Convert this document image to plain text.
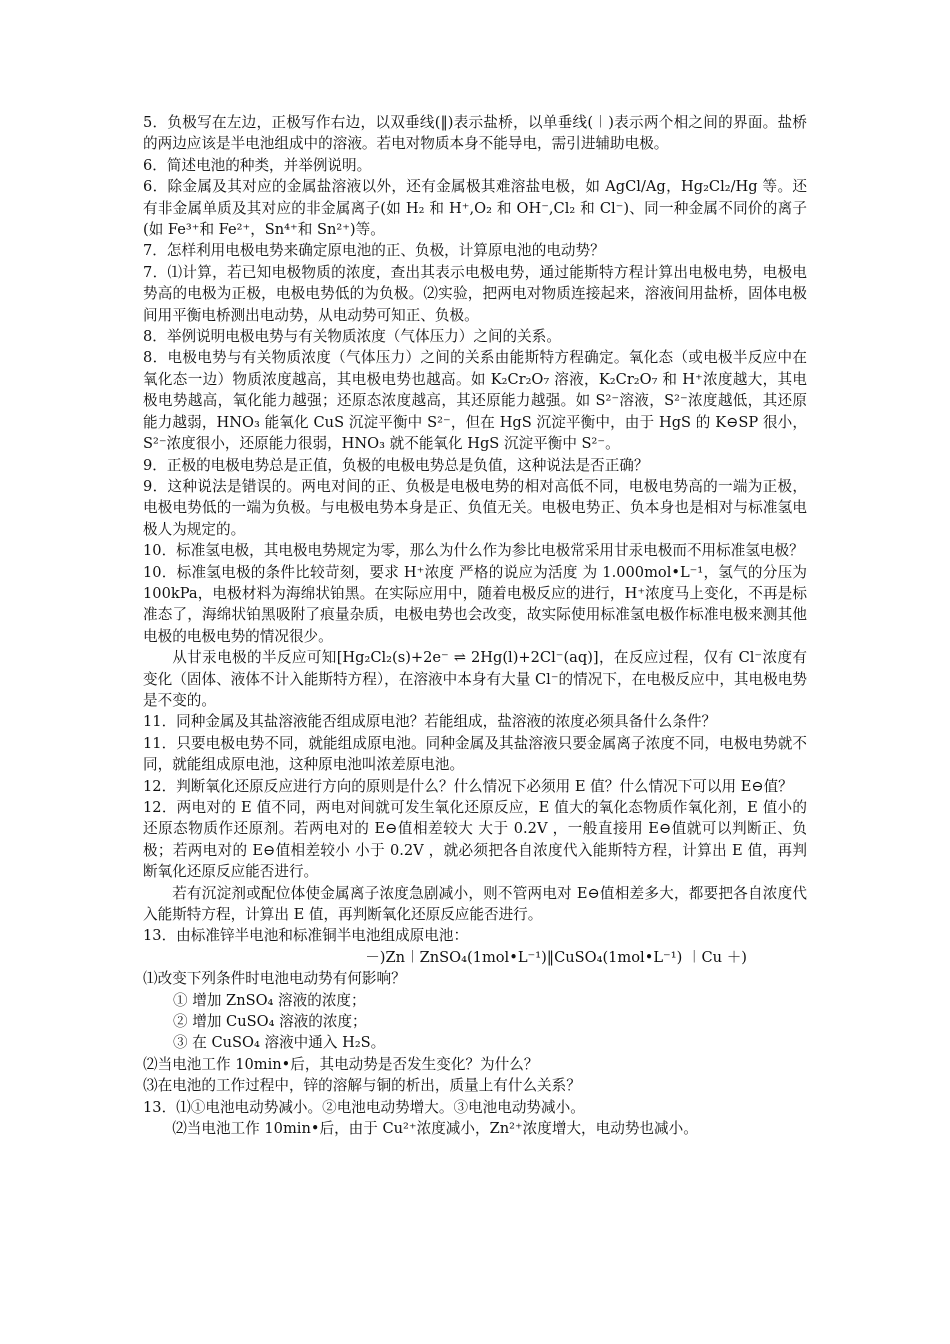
5．负极写在左边，正极写作右边，以双垂线(‖)表示盐桥，以单垂线(︱)表示两个相之间的界面。盐桥的两边应该是半电池组成中的溶液。若电对物质本身不能导电，需引进辅助电极。

6．简述电池的种类，并举例说明。

6．除金属及其对应的金属盐溶液以外，还有金属极其难溶盐电极，如 AgCl/Ag，Hg₂Cl₂/Hg 等。还有非金属单质及其对应的非金属离子(如 H₂ 和 H⁺,O₂ 和 OH⁻,Cl₂ 和 Cl⁻)、同一种金属不同价的离子(如 Fe³⁺和 Fe²⁺，Sn⁴⁺和 Sn²⁺)等。

7．怎样利用电极电势来确定原电池的正、负极，计算原电池的电动势？

7．⑴计算，若已知电极物质的浓度，查出其表示电极电势，通过能斯特方程计算出电极电势，电极电势高的电极为正极，电极电势低的为负极。⑵实验，把两电对物质连接起来，溶液间用盐桥，固体电极间用平衡电桥测出电动势，从电动势可知正、负极。

8．举例说明电极电势与有关物质浓度（气体压力）之间的关系。

8．电极电势与有关物质浓度（气体压力）之间的关系由能斯特方程确定。氧化态（或电极半反应中在氧化态一边）物质浓度越高，其电极电势也越高。如 K₂Cr₂O₇ 溶液，K₂Cr₂O₇ 和 H⁺浓度越大，其电极电势越高，氧化能力越强；还原态浓度越高，其还原能力越强。如 S²⁻溶液，S²⁻浓度越低，其还原能力越弱，HNO₃ 能氧化 CuS 沉淀平衡中 S²⁻，但在 HgS 沉淀平衡中，由于 HgS 的 K⊖SP 很小，S²⁻浓度很小，还原能力很弱，HNO₃ 就不能氧化 HgS 沉淀平衡中 S²⁻。

9．正极的电极电势总是正值，负极的电极电势总是负值，这种说法是否正确？

9．这种说法是错误的。两电对间的正、负极是电极电势的相对高低不同，电极电势高的一端为正极，电极电势低的一端为负极。与电极电势本身是正、负值无关。电极电势正、负本身也是相对与标准氢电极人为规定的。

10．标准氢电极，其电极电势规定为零，那么为什么作为参比电极常采用甘汞电极而不用标准氢电极？

10．标准氢电极的条件比较苛刻，要求 H⁺浓度 严格的说应为活度 为 1.000mol•L⁻¹，氢气的分压为 100kPa，电极材料为海绵状铂黑。在实际应用中，随着电极反应的进行，H⁺浓度马上变化，不再是标准态了，海绵状铂黑吸附了痕量杂质，电极电势也会改变，故实际使用标准氢电极作标准电极来测其他电极的电极电势的情况很少。

从甘汞电极的半反应可知[Hg₂Cl₂(s)+2e⁻ ⇌ 2Hg(l)+2Cl⁻(aq)]，在反应过程，仅有 Cl⁻浓度有变化（固体、液体不计入能斯特方程），在溶液中本身有大量 Cl⁻的情况下，在电极反应中，其电极电势是不变的。

11．同种金属及其盐溶液能否组成原电池？若能组成，盐溶液的浓度必须具备什么条件？

11．只要电极电势不同，就能组成原电池。同种金属及其盐溶液只要金属离子浓度不同，电极电势就不同，就能组成原电池，这种原电池叫浓差原电池。

12．判断氧化还原反应进行方向的原则是什么？什么情况下必须用 E 值？什么情况下可以用 E⊖值？

12．两电对的 E 值不同，两电对间就可发生氧化还原反应，E 值大的氧化态物质作氧化剂，E 值小的还原态物质作还原剂。若两电对的 E⊖值相差较大 大于 0.2V ，一般直接用 E⊖值就可以判断正、负极；若两电对的 E⊖值相差较小 小于 0.2V ，就必须把各自浓度代入能斯特方程，计算出 E 值，再判断氧化还原反应能否进行。

若有沉淀剂或配位体使金属离子浓度急剧减小，则不管两电对 E⊖值相差多大，都要把各自浓度代入能斯特方程，计算出 E 值，再判断氧化还原反应能否进行。

13．由标准锌半电池和标准铜半电池组成原电池：

－)Zn︱ZnSO₄(1mol•L⁻¹)‖CuSO₄(1mol•L⁻¹) ︱Cu ＋)

⑴改变下列条件时电池电动势有何影响？

① 增加 ZnSO₄ 溶液的浓度；

② 增加 CuSO₄ 溶液的浓度；

③ 在 CuSO₄ 溶液中通入 H₂S。

⑵当电池工作 10min•后，其电动势是否发生变化？为什么？

⑶在电池的工作过程中，锌的溶解与铜的析出，质量上有什么关系？

13．⑴①电池电动势减小。②电池电动势增大。③电池电动势减小。

⑵当电池工作 10min•后，由于 Cu²⁺浓度减小，Zn²⁺浓度增大，电动势也减小。
